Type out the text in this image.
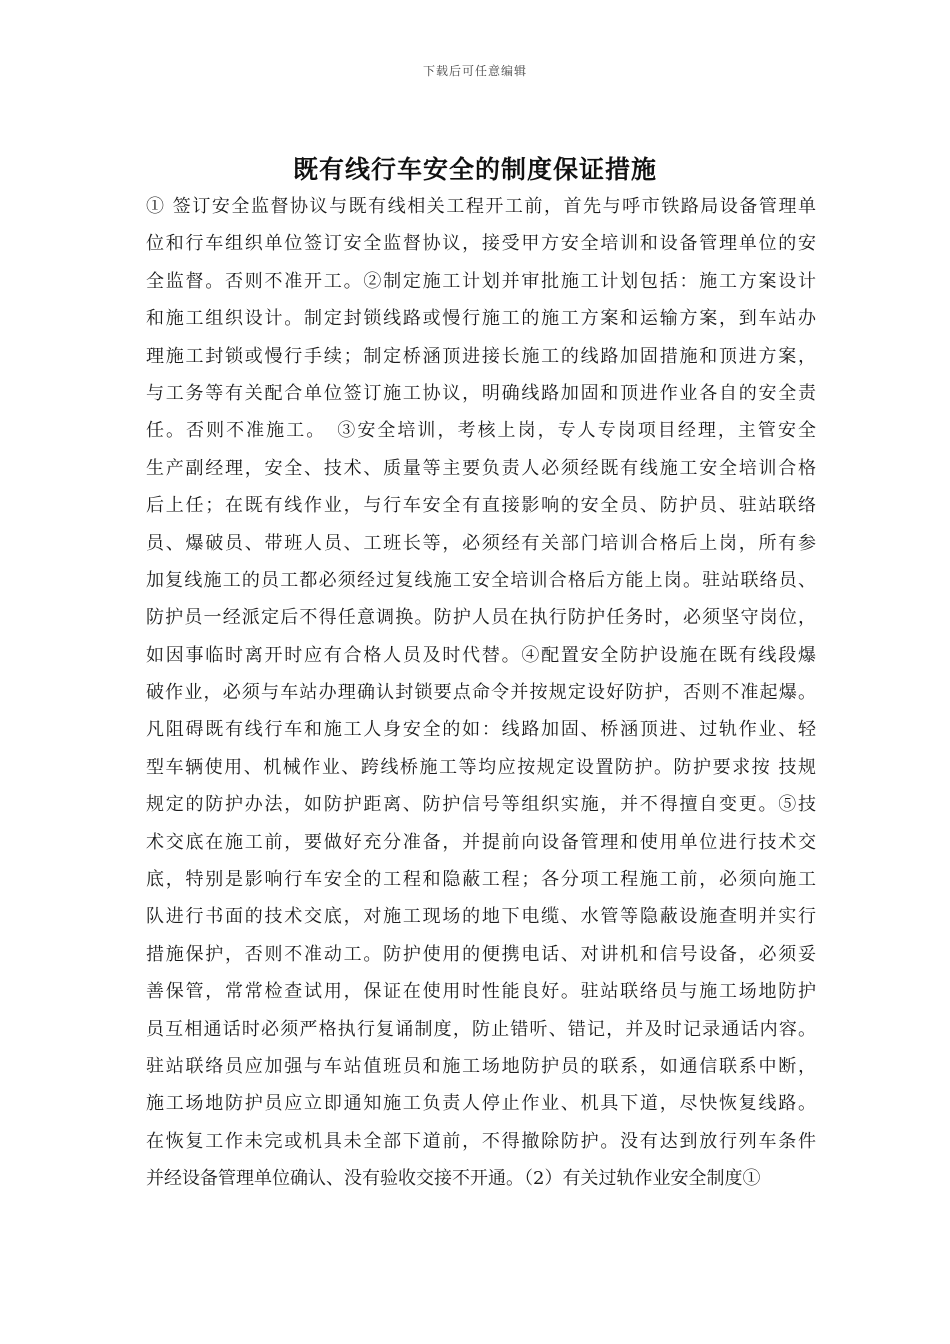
下载后可任意编辑
既有线行车安全的制度保证措施
① 签订安全监督协议与既有线相关工程开工前，首先与呼市铁路局设备管理单
位和行车组织单位签订安全监督协议，接受甲方安全培训和设备管理单位的安
全监督。否则不准开工。②制定施工计划并审批施工计划包括：施工方案设计
和施工组织设计。制定封锁线路或慢行施工的施工方案和运输方案，到车站办
理施工封锁或慢行手续；制定桥涵顶进接长施工的线路加固措施和顶进方案，
与工务等有关配合单位签订施工协议，明确线路加固和顶进作业各自的安全责
任。否则不准施工。　③安全培训，考核上岗，专人专岗项目经理，主管安全
生产副经理，安全、技术、质量等主要负责人必须经既有线施工安全培训合格
后上任；在既有线作业，与行车安全有直接影响的安全员、防护员、驻站联络
员、爆破员、带班人员、工班长等，必须经有关部门培训合格后上岗，所有参
加复线施工的员工都必须经过复线施工安全培训合格后方能上岗。驻站联络员、
防护员一经派定后不得任意调换。防护人员在执行防护任务时，必须坚守岗位，
如因事临时离开时应有合格人员及时代替。④配置安全防护设施在既有线段爆
破作业，必须与车站办理确认封锁要点命令并按规定设好防护，否则不准起爆。
凡阻碍既有线行车和施工人身安全的如：线路加固、桥涵顶进、过轨作业、轻
型车辆使用、机械作业、跨线桥施工等均应按规定设置防护。防护要求按 技规
规定的防护办法，如防护距离、防护信号等组织实施，并不得擅自变更。⑤技
术交底在施工前，要做好充分准备，并提前向设备管理和使用单位进行技术交
底，特别是影响行车安全的工程和隐蔽工程；各分项工程施工前，必须向施工
队进行书面的技术交底，对施工现场的地下电缆、水管等隐蔽设施查明并实行
措施保护，否则不准动工。防护使用的便携电话、对讲机和信号设备，必须妥
善保管，常常检查试用，保证在使用时性能良好。驻站联络员与施工场地防护
员互相通话时必须严格执行复诵制度，防止错听、错记，并及时记录通话内容。
驻站联络员应加强与车站值班员和施工场地防护员的联系，如通信联系中断，
施工场地防护员应立即通知施工负责人停止作业、机具下道，尽快恢复线路。
在恢复工作未完或机具未全部下道前，不得撤除防护。没有达到放行列车条件
并经设备管理单位确认、没有验收交接不开通。（2）有关过轨作业安全制度①
